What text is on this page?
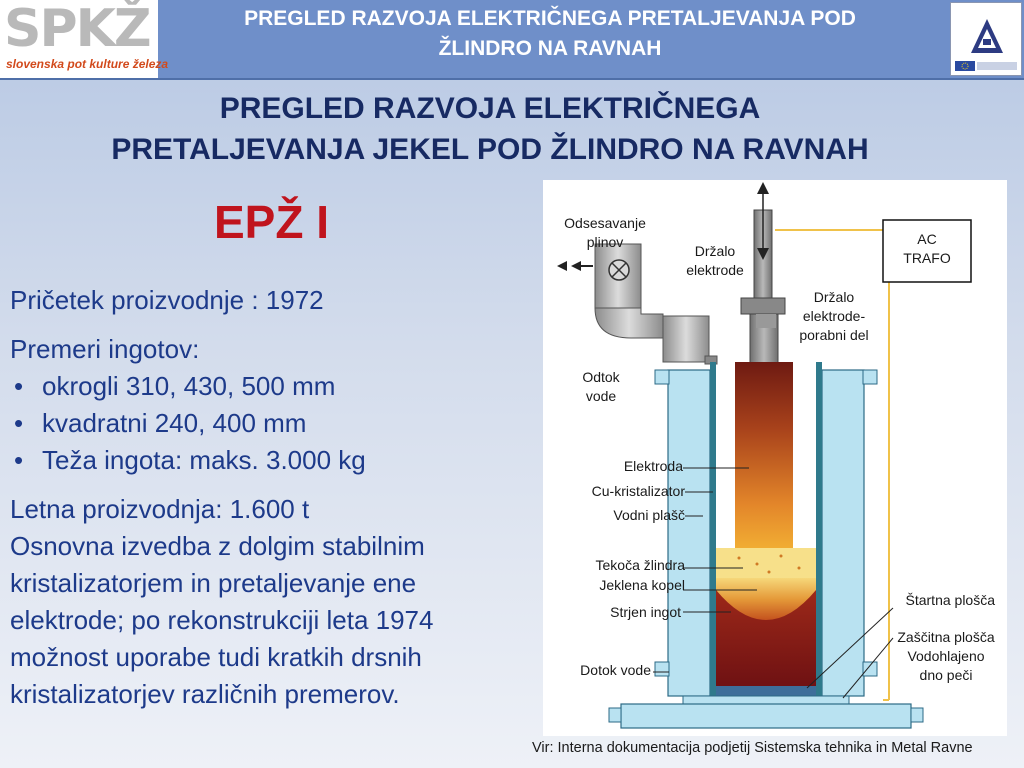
SPKŽ
slovenska pot kulture železa
PREGLED RAZVOJA ELEKTRIČNEGA PRETALJEVANJA POD
ŽLINDRO NA RAVNAH
PREGLED RAZVOJA ELEKTRIČNEGA
PRETALJEVANJA JEKEL POD ŽLINDRO NA RAVNAH
EPŽ I

Pričetek proizvodnje : 1972

Premeri ingotov:

• okrogli 310, 430, 500 mm
• kvadratni 240, 400 mm
• Teža ingota: maks. 3.000 kg

Letna proizvodnja: 1.600 t

Osnovna izvedba z dolgim stabilnim

kristalizatorjem in pretaljevanje ene

elektrode; po rekonstrukciji leta 1974

možnost uporabe tudi kratkih drsnih

kristalizatorjev različnih premerov.

Odsesavanje
plinov
Držalo
elektrode
AC
TRAFO
Držalo
elektrode-
porabni del
Odtok
vode
Elektroda
Cu-kristalizator
Vodni plašč
Tekoča žlindra
Jeklena kopel
Strjen ingot
Dotok vode
Štartna plošča
Zaščitna plošča
Vodohlajeno
dno peči
Vir: Interna dokumentacija podjetij Sistemska tehnika in Metal Ravne
